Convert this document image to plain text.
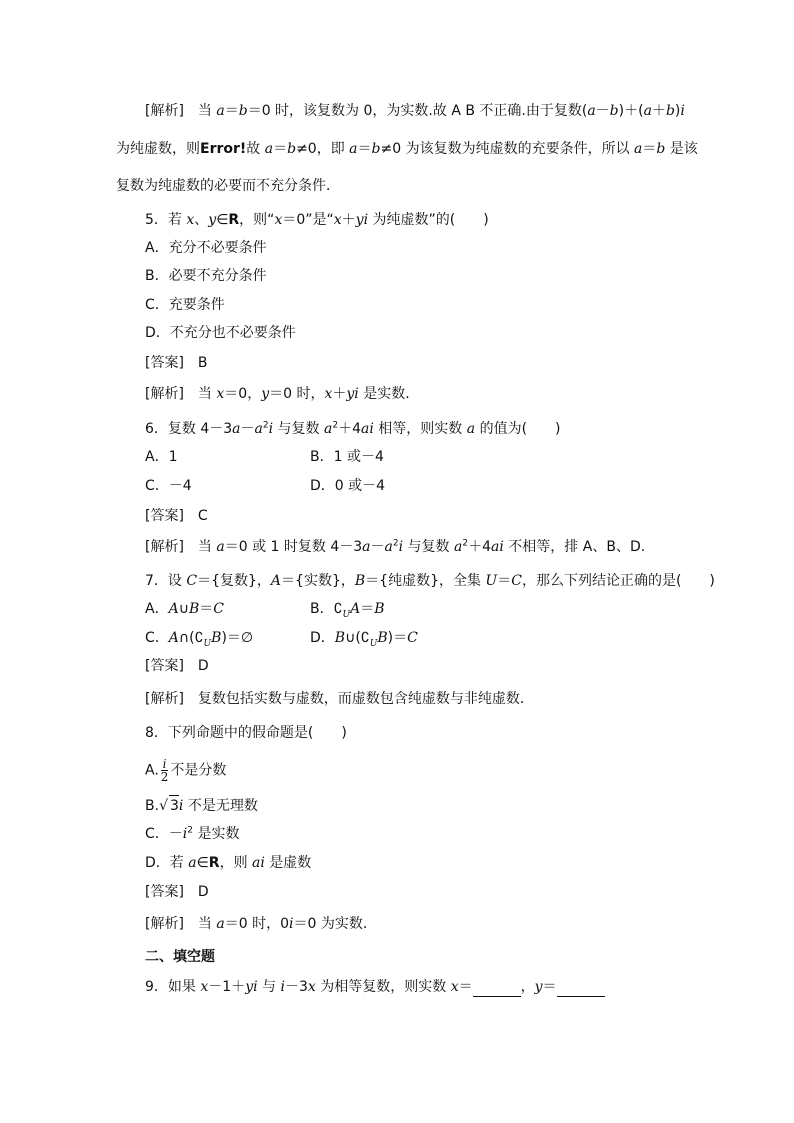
[解析]　当 a＝b＝0 时，该复数为 0，为实数.故 A B 不正确.由于复数(a－b)＋(a＋b)i
为纯虚数，则Error!故 a＝b≠0，即 a＝b≠0 为该复数为纯虚数的充要条件，所以 a＝b 是该
复数为纯虚数的必要而不充分条件．
5．若 x、y∈R，则“x＝0”是“x＋yi 为纯虚数”的(　　)
A．充分不必要条件
B．必要不充分条件
C．充要条件
D．不充分也不必要条件
[答案]　B
[解析]　当 x＝0，y＝0 时，x＋yi 是实数．
6．复数 $4-3a-a^2i$ 与复数 $a^2+4ai$ 相等，则实数 a 的值为(　　)
A．1	B．1 或－4
C．－4	D．0 或－4
[答案]　C
[解析]　当 a＝0 或 1 时复数 $4-3a-a^2i$ 与复数 $a^2+4ai$ 不相等，排 A、B、D.
7．设 C＝{复数}，A＝{实数}，B＝{纯虚数}，全集 U＝C，那么下列结论正确的是(　　)
A．A∪B＝C	B．$∁_UA=B$
C．$A\cap(∁_UB)=\emptyset$	D．$B\cup(∁_UB)=C$
[答案]　D
[解析]　复数包括实数与虚数，而虚数包含纯虚数与非纯虚数．
8．下列命题中的假命题是(　　)
A. $\frac{i}{2}$ 不是分数
B.√ 3i 不是无理数
C．$-i^2$ 是实数
D．若 a∈R，则 ai 是虚数
[答案]　D
[解析]　当 a＝0 时，0i＝0 为实数．
二、填空题
9．如果 x－1＋yi 与 i－3x 为相等复数，则实数 x＝	，y＝
